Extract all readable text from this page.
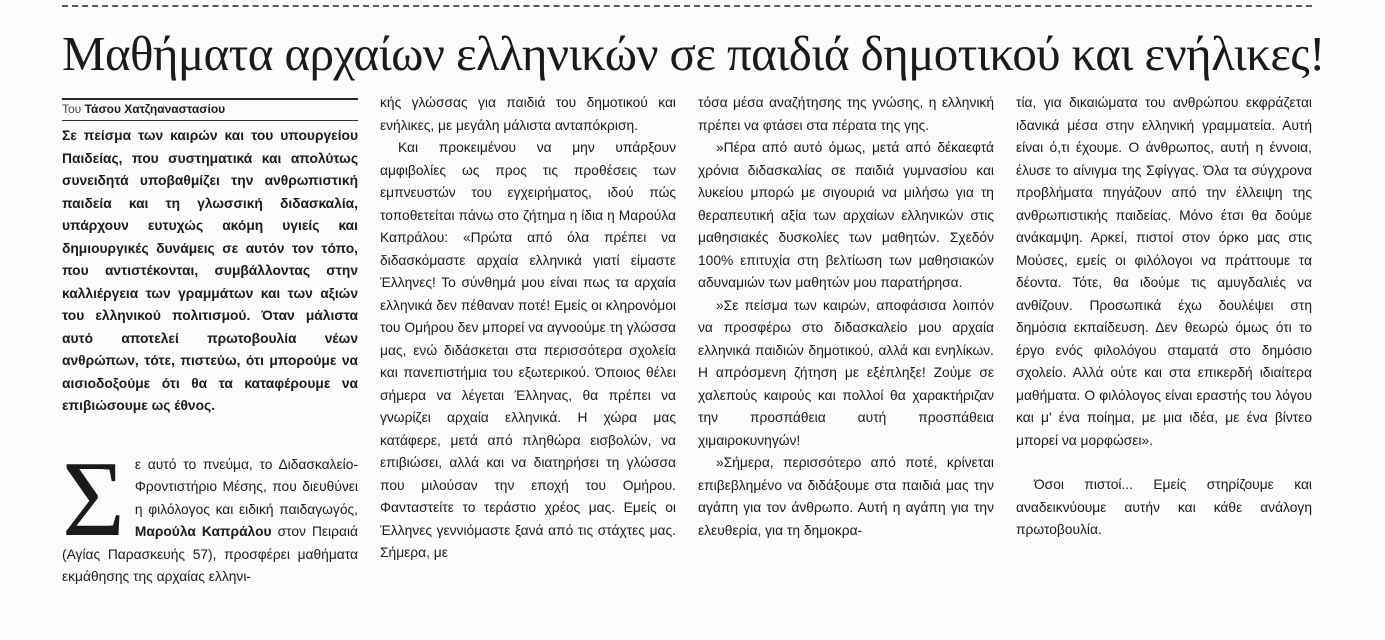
Μαθήματα αρχαίων ελληνικών σε παιδιά δημοτικού και ενήλικες!
Του Τάσου Χατζηαναστασίου

Σε πείσμα των καιρών και του υπουργείου Παιδείας, που συστηματικά και απολύτως συνειδητά υποβαθμίζει την ανθρωπιστική παιδεία και τη γλωσσική διδασκαλία, υπάρχουν ευτυχώς ακόμη υγιείς και δημιουργικές δυνάμεις σε αυτόν τον τόπο, που αντιστέκονται, συμβάλλοντας στην καλλιέργεια των γραμμάτων και των αξιών του ελληνικού πολιτισμού. Όταν μάλιστα αυτό αποτελεί πρωτοβουλία νέων ανθρώπων, τότε, πιστεύω, ότι μπορούμε να αισιοδοξούμε ότι θα τα καταφέρουμε να επιβιώσουμε ως έθνος.

Σε αυτό το πνεύμα, το Διδασκαλείο-Φροντιστήριο Μέσης, που διευθύνει η φιλόλογος και ειδική παιδαγωγός, Μαρούλα Καπράλου στον Πειραιά (Αγίας Παρασκευής 57), προσφέρει μαθήματα εκμάθησης της αρχαίας ελληνι-

κής γλώσσας για παιδιά του δημοτικού και ενήλικες, με μεγάλη μάλιστα ανταπόκριση.

Και προκειμένου να μην υπάρξουν αμφιβολίες ως προς τις προθέσεις των εμπνευστών του εγχειρήματος, ιδού πώς τοποθετείται πάνω στο ζήτημα η ίδια η Μαρούλα Καπράλου: «Πρώτα από όλα πρέπει να διδασκόμαστε αρχαία ελληνικά γιατί είμαστε Έλληνες! Το σύνθημά μου είναι πως τα αρχαία ελληνικά δεν πέθαναν ποτέ! Εμείς οι κληρονόμοι του Ομήρου δεν μπορεί να αγνοούμε τη γλώσσα μας, ενώ διδάσκεται στα περισσότερα σχολεία και πανεπιστήμια του εξωτερικού. Όποιος θέλει σήμερα να λέγεται Έλληνας, θα πρέπει να γνωρίζει αρχαία ελληνικά. Η χώρα μας κατάφερε, μετά από πληθώρα εισβολών, να επιβιώσει, αλλά και να διατηρήσει τη γλώσσα που μιλούσαν την εποχή του Ομήρου. Φανταστείτε το τεράστιο χρέος μας. Εμείς οι Έλληνες γεννιόμαστε ξανά από τις στάχτες μας. Σήμερα, με

τόσα μέσα αναζήτησης της γνώσης, η ελληνική πρέπει να φτάσει στα πέρατα της γης.

»Πέρα από αυτό όμως, μετά από δέκαεφτά χρόνια διδασκαλίας σε παιδιά γυμνασίου και λυκείου μπορώ με σιγουριά να μιλήσω για τη θεραπευτική αξία των αρχαίων ελληνικών στις μαθησιακές δυσκολίες των μαθητών. Σχεδόν 100% επιτυχία στη βελτίωση των μαθησιακών αδυναμιών των μαθητών μου παρατήρησα.

»Σε πείσμα των καιρών, αποφάσισα λοιπόν να προσφέρω στο διδασκαλείο μου αρχαία ελληνικά παιδιών δημοτικού, αλλά και ενηλίκων. Η απρόσμενη ζήτηση με εξέπληξε! Ζούμε σε χαλεπούς καιρούς και πολλοί θα χαρακτήριζαν την προσπάθεια αυτή προσπάθεια χιμαιροκυνηγών!

»Σήμερα, περισσότερο από ποτέ, κρίνεται επιβεβλημένο να διδάξουμε στα παιδιά μας την αγάπη για τον άνθρωπο. Αυτή η αγάπη για την ελευθερία, για τη δημοκρα-

τία, για δικαιώματα του ανθρώπου εκφράζεται ιδανικά μέσα στην ελληνική γραμματεία. Αυτή είναι ό,τι έχουμε. Ο άνθρωπος, αυτή η έννοια, έλυσε το αίνιγμα της Σφίγγας. Όλα τα σύγχρονα προβλήματα πηγάζουν από την έλλειψη της ανθρωπιστικής παιδείας. Μόνο έτσι θα δούμε ανάκαμψη. Αρκεί, πιστοί στον όρκο μας στις Μούσες, εμείς οι φιλόλογοι να πράττουμε τα δέοντα. Τότε, θα ιδούμε τις αμυγδαλιές να ανθίζουν. Προσωπικά έχω δουλέψει στη δημόσια εκπαίδευση. Δεν θεωρώ όμως ότι το έργο ενός φιλολόγου σταματά στο δημόσιο σχολείο. Αλλά ούτε και στα επικερδή ιδιαίτερα μαθήματα. Ο φιλόλογος είναι εραστής του λόγου και μ' ένα ποίημα, με μια ιδέα, με ένα βίντεο μπορεί να μορφώσει».

Όσοι πιστοί... Εμείς στηρίζουμε και αναδεικνύουμε αυτήν και κάθε ανάλογη πρωτοβουλία.
